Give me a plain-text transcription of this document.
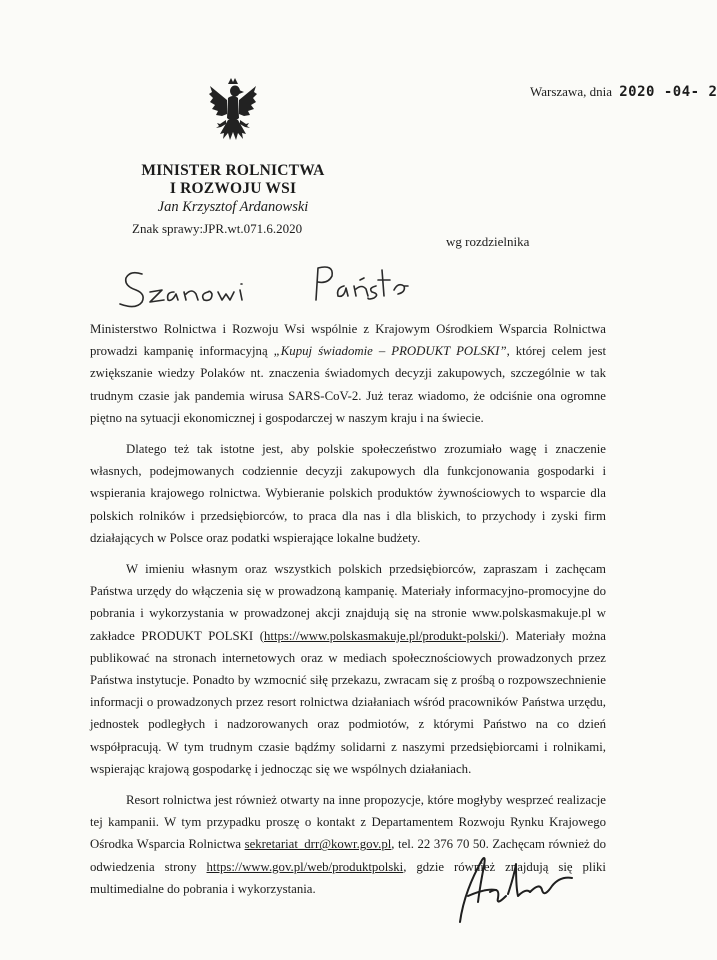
Warszawa, dnia 2020 -04- 2
MINISTER ROLNICTWA
I ROZWOJU WSI
Jan Krzysztof Ardanowski
Znak sprawy:JPR.wt.071.6.2020
wg rozdzielnika

Ministerstwo Rolnictwa i Rozwoju Wsi wspólnie z Krajowym Ośrodkiem Wsparcia Rolnictwa prowadzi kampanię informacyjną „Kupuj świadomie – PRODUKT POLSKI”, której celem jest zwiększanie wiedzy Polaków nt. znaczenia świadomych decyzji zakupowych, szczególnie w tak trudnym czasie jak pandemia wirusa SARS-CoV-2. Już teraz wiadomo, że odciśnie ona ogromne piętno na sytuacji ekonomicznej i gospodarczej w naszym kraju i na świecie.

Dlatego też tak istotne jest, aby polskie społeczeństwo zrozumiało wagę i znaczenie własnych, podejmowanych codziennie decyzji zakupowych dla funkcjonowania gospodarki i wspierania krajowego rolnictwa. Wybieranie polskich produktów żywnościowych to wsparcie dla polskich rolników i przedsiębiorców, to praca dla nas i dla bliskich, to przychody i zyski firm działających w Polsce oraz podatki wspierające lokalne budżety.

W imieniu własnym oraz wszystkich polskich przedsiębiorców, zapraszam i zachęcam Państwa urzędy do włączenia się w prowadzoną kampanię. Materiały informacyjno-promocyjne do pobrania i wykorzystania w prowadzonej akcji znajdują się na stronie www.polskasmakuje.pl w zakładce PRODUKT POLSKI (https://www.polskasmakuje.pl/produkt-polski/). Materiały można publikować na stronach internetowych oraz w mediach społecznościowych prowadzonych przez Państwa instytucje. Ponadto by wzmocnić siłę przekazu, zwracam się z prośbą o rozpowszechnienie informacji o prowadzonych przez resort rolnictwa działaniach wśród pracowników Państwa urzędu, jednostek podległych i nadzorowanych oraz podmiotów, z którymi Państwo na co dzień współpracują. W tym trudnym czasie bądźmy solidarni z naszymi przedsiębiorcami i rolnikami, wspierając krajową gospodarkę i jednocząc się we wspólnych działaniach.

Resort rolnictwa jest również otwarty na inne propozycje, które mogłyby wesprzeć realizacje tej kampanii. W tym przypadku proszę o kontakt z Departamentem Rozwoju Rynku Krajowego Ośrodka Wsparcia Rolnictwa sekretariat_drr@kowr.gov.pl, tel. 22 376 70 50. Zachęcam również do odwiedzenia strony https://www.gov.pl/web/produktpolski, gdzie również znajdują się pliki multimedialne do pobrania i wykorzystania.
